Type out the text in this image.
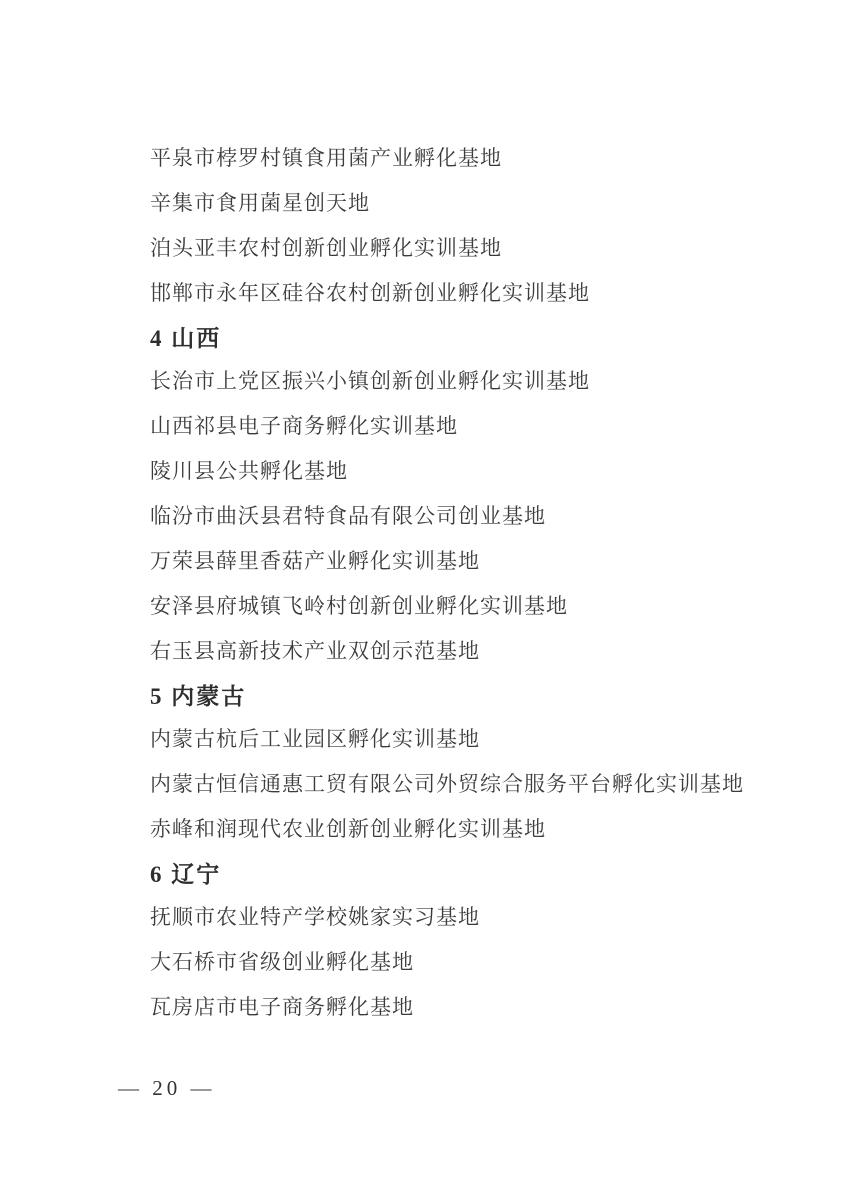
平泉市桲罗村镇食用菌产业孵化基地

辛集市食用菌星创天地

泊头亚丰农村创新创业孵化实训基地

邯郸市永年区硅谷农村创新创业孵化实训基地

4 山西

长治市上党区振兴小镇创新创业孵化实训基地

山西祁县电子商务孵化实训基地

陵川县公共孵化基地

临汾市曲沃县君特食品有限公司创业基地

万荣县薛里香菇产业孵化实训基地

安泽县府城镇飞岭村创新创业孵化实训基地

右玉县高新技术产业双创示范基地

5 内蒙古

内蒙古杭后工业园区孵化实训基地

内蒙古恒信通惠工贸有限公司外贸综合服务平台孵化实训基地

赤峰和润现代农业创新创业孵化实训基地

6 辽宁

抚顺市农业特产学校姚家实习基地

大石桥市省级创业孵化基地

瓦房店市电子商务孵化基地

— 20 —
